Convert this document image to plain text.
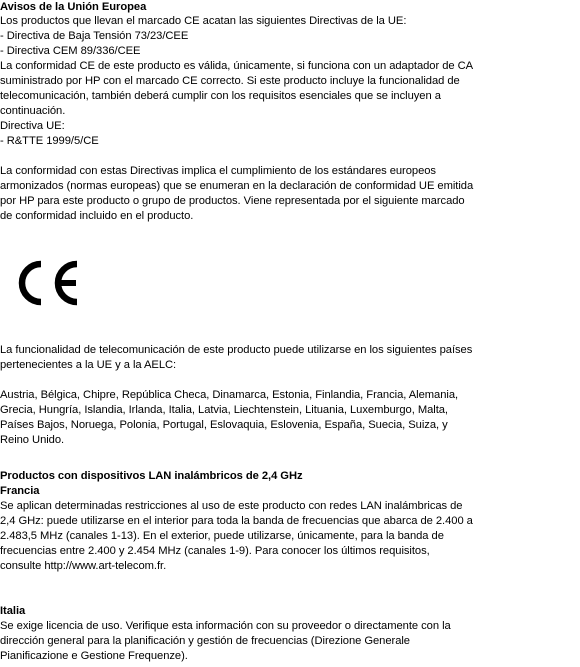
Avisos de la Unión Europea
Los productos que llevan el marcado CE acatan las siguientes Directivas de la UE:
- Directiva de Baja Tensión 73/23/CEE
- Directiva CEM 89/336/CEE
La conformidad CE de este producto es válida, únicamente, si funciona con un adaptador de CA
suministrado por HP con el marcado CE correcto. Si este producto incluye la funcionalidad de
telecomunicación, también deberá cumplir con los requisitos esenciales que se incluyen a
continuación.
Directiva UE:
- R&TTE 1999/5/CE
La conformidad con estas Directivas implica el cumplimiento de los estándares europeos
armonizados (normas europeas) que se enumeran en la declaración de conformidad UE emitida
por HP para este producto o grupo de productos. Viene representada por el siguiente marcado
de conformidad incluido en el producto.
La funcionalidad de telecomunicación de este producto puede utilizarse en los siguientes países
pertenecientes a la UE y a la AELC:
Austria, Bélgica, Chipre, República Checa, Dinamarca, Estonia, Finlandia, Francia, Alemania,
Grecia, Hungría, Islandia, Irlanda, Italia, Latvia, Liechtenstein, Lituania, Luxemburgo, Malta,
Países Bajos, Noruega, Polonia, Portugal, Eslovaquia, Eslovenia, España, Suecia, Suiza, y
Reino Unido.
Productos con dispositivos LAN inalámbricos de 2,4 GHz
Francia
Se aplican determinadas restricciones al uso de este producto con redes LAN inalámbricas de
2,4 GHz: puede utilizarse en el interior para toda la banda de frecuencias que abarca de 2.400 a
2.483,5 MHz (canales 1-13). En el exterior, puede utilizarse, únicamente, para la banda de
frecuencias entre 2.400 y 2.454 MHz (canales 1-9). Para conocer los últimos requisitos,
consulte http://www.art-telecom.fr.
Italia
Se exige licencia de uso. Verifique esta información con su proveedor o directamente con la
dirección general para la planificación y gestión de frecuencias (Direzione Generale
Pianificazione e Gestione Frequenze).
